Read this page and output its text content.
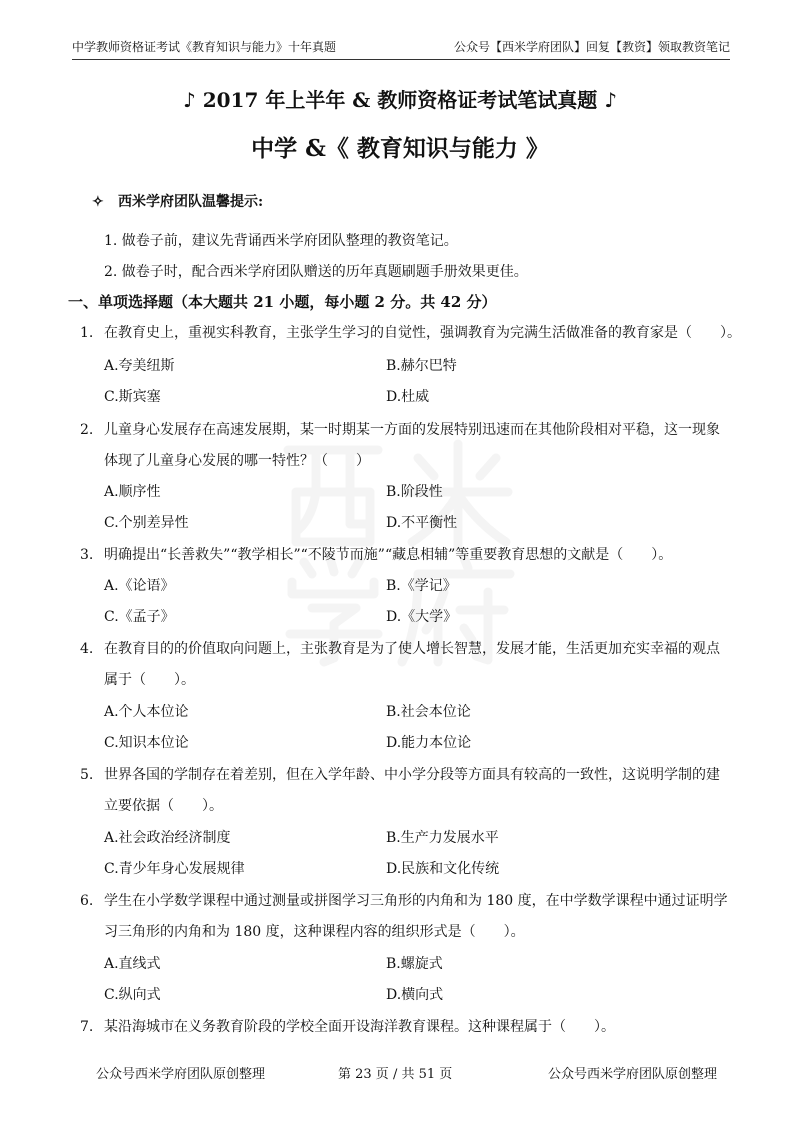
中学教师资格证考试《教育知识与能力》十年真题	公众号【西米学府团队】回复【教资】领取教资笔记
♪ 2017 年上半年 & 教师资格证考试笔试真题 ♪
中学 &《 教育知识与能力 》
✧ 西米学府团队温馨提示:
1. 做卷子前，建议先背诵西米学府团队整理的教资笔记。
2. 做卷子时，配合西米学府团队赠送的历年真题刷题手册效果更佳。
一、单项选择题（本大题共 21 小题，每小题 2 分。共 42 分）
1. 在教育史上，重视实科教育，主张学生学习的自觉性，强调教育为完满生活做准备的教育家是（　　）。
A.夸美纽斯	B.赫尔巴特
C.斯宾塞	D.杜威
2. 儿童身心发展存在高速发展期，某一时期某一方面的发展特别迅速而在其他阶段相对平稳，这一现象
体现了儿童身心发展的哪一特性？（　　）
A.顺序性	B.阶段性
C.个别差异性	D.不平衡性
3. 明确提出“长善救失”“教学相长”“不陵节而施”“藏息相辅”等重要教育思想的文献是（　　）。
A.《论语》	B.《学记》
C.《孟子》	D.《大学》
4. 在教育目的的价值取向问题上，主张教育是为了使人增长智慧，发展才能，生活更加充实幸福的观点
属于（　　）。
A.个人本位论	B.社会本位论
C.知识本位论	D.能力本位论
5. 世界各国的学制存在着差别，但在入学年龄、中小学分段等方面具有较高的一致性，这说明学制的建
立要依据（　　）。
A.社会政治经济制度	B.生产力发展水平
C.青少年身心发展规律	D.民族和文化传统
6. 学生在小学数学课程中通过测量或拼图学习三角形的内角和为 180 度，在中学数学课程中通过证明学
习三角形的内角和为 180 度，这种课程内容的组织形式是（　　）。
A.直线式	B.螺旋式
C.纵向式	D.横向式
7. 某沿海城市在义务教育阶段的学校全面开设海洋教育课程。这种课程属于（　　）。
公众号西米学府团队原创整理	第 23 页 / 共 51 页	公众号西米学府团队原创整理
